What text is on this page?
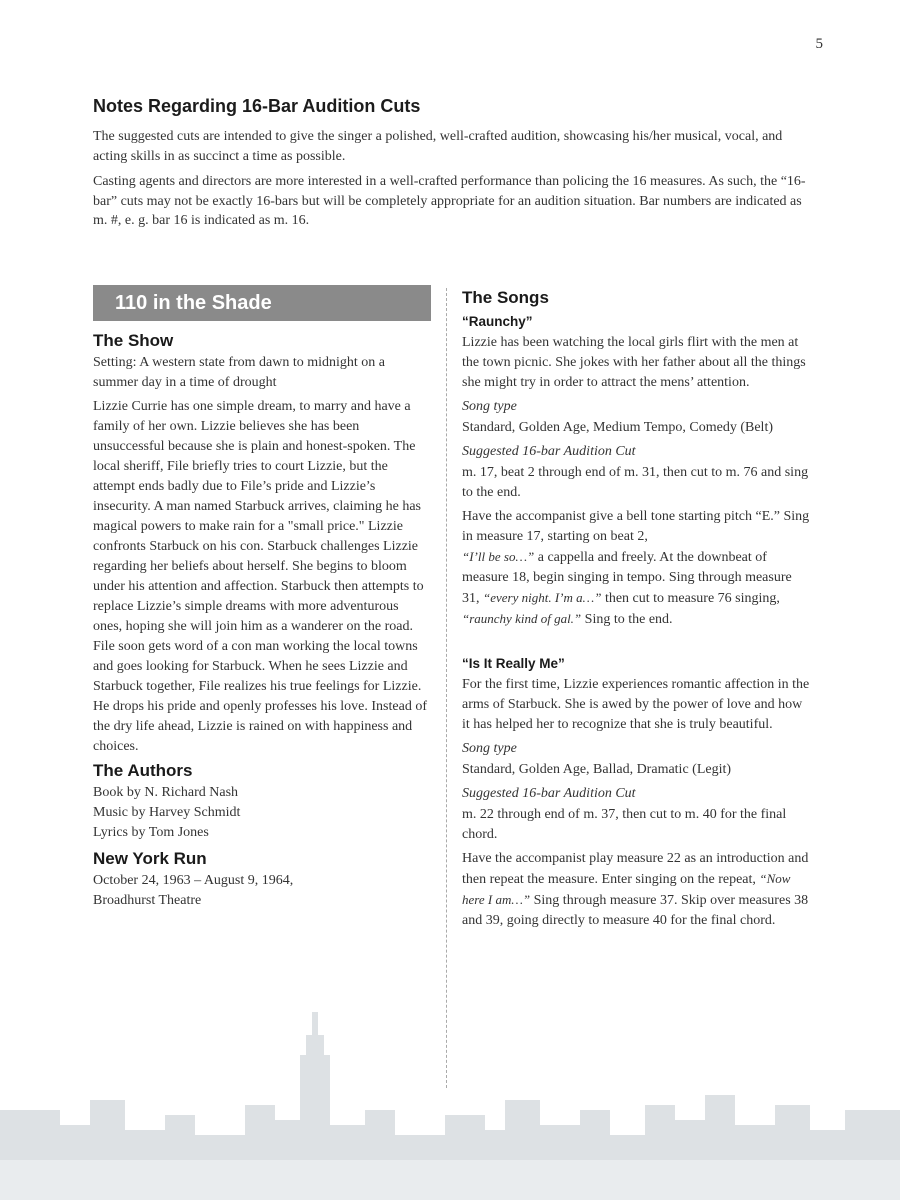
5
Notes Regarding 16-Bar Audition Cuts

The suggested cuts are intended to give the singer a polished, well-crafted audition, showcasing his/her musical, vocal, and acting skills in as succinct a time as possible.

Casting agents and directors are more interested in a well-crafted performance than policing the 16 measures. As such, the “16-bar” cuts may not be exactly 16-bars but will be completely appropriate for an audition situation. Bar numbers are indicated as m. #, e. g. bar 16 is indicated as m. 16.

110 in the Shade
The Show

Setting: A western state from dawn to midnight on a summer day in a time of drought

Lizzie Currie has one simple dream, to marry and have a family of her own. Lizzie believes she has been unsuccessful because she is plain and honest-spoken. The local sheriff, File briefly tries to court Lizzie, but the attempt ends badly due to File’s pride and Lizzie’s insecurity. A man named Starbuck arrives, claiming he has magical powers to make rain for a "small price." Lizzie confronts Starbuck on his con. Starbuck challenges Lizzie regarding her beliefs about herself. She begins to bloom under his attention and affection. Starbuck then attempts to replace Lizzie’s simple dreams with more adventurous ones, hoping she will join him as a wanderer on the road. File soon gets word of a con man working the local towns and goes looking for Starbuck. When he sees Lizzie and Starbuck together, File realizes his true feelings for Lizzie. He drops his pride and openly professes his love. Instead of the dry life ahead, Lizzie is rained on with happiness and choices.

The Authors

Book by N. Richard Nash

Music by Harvey Schmidt

Lyrics by Tom Jones

New York Run

October 24, 1963 – August 9, 1964,

Broadhurst Theatre

The Songs
“Raunchy”

Lizzie has been watching the local girls flirt with the men at the town picnic. She jokes with her father about all the things she might try in order to attract the mens’ attention.

Song type

Standard, Golden Age, Medium Tempo, Comedy (Belt)

Suggested 16-bar Audition Cut

m. 17, beat 2 through end of m. 31, then cut to m. 76 and sing to the end.

Have the accompanist give a bell tone starting pitch “E.” Sing in measure 17, starting on beat 2,
“I’ll be so…” a cappella and freely. At the downbeat of measure 18, begin singing in tempo. Sing through measure 31, “every night. I’m a…” then cut to measure 76 singing, “raunchy kind of gal.” Sing to the end.

“Is It Really Me”

For the first time, Lizzie experiences romantic affection in the arms of Starbuck. She is awed by the power of love and how it has helped her to recognize that she is truly beautiful.

Song type

Standard, Golden Age, Ballad, Dramatic (Legit)

Suggested 16-bar Audition Cut

m. 22 through end of m. 37, then cut to m. 40 for the final chord.

Have the accompanist play measure 22 as an introduction and then repeat the measure. Enter singing on the repeat, “Now here I am…” Sing through measure 37. Skip over measures 38 and 39, going directly to measure 40 for the final chord.
